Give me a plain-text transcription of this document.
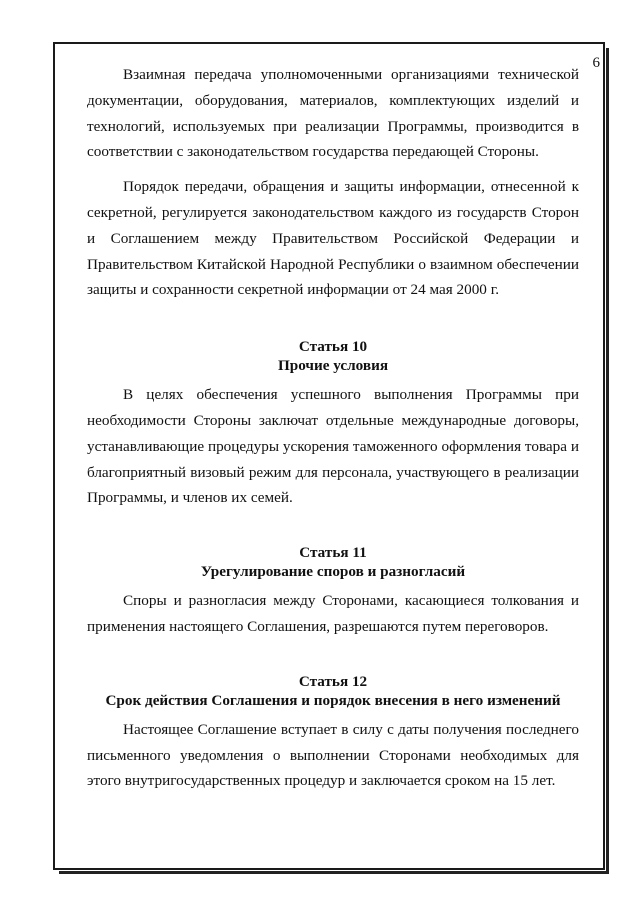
6

Взаимная передача уполномоченными организациями технической документации, оборудования, материалов, комплектующих изделий и технологий, используемых при реализации Программы, производится в соответствии с законодательством государства передающей Стороны.

Порядок передачи, обращения и защиты информации, отнесенной к секретной, регулируется законодательством каждого из государств Сторон и Соглашением между Правительством Российской Федерации и Правительством Китайской Народной Республики о взаимном обеспечении защиты и сохранности секретной информации от 24 мая 2000 г.

Статья 10
Прочие условия

В целях обеспечения успешного выполнения Программы при необходимости Стороны заключат отдельные международные договоры, устанавливающие процедуры ускорения таможенного оформления товара и благоприятный визовый режим для персонала, участвующего в реализации Программы, и членов их семей.

Статья 11
Урегулирование споров и разногласий

Споры и разногласия между Сторонами, касающиеся толкования и применения настоящего Соглашения, разрешаются путем переговоров.

Статья 12
Срок действия Соглашения и порядок внесения в него изменений

Настоящее Соглашение вступает в силу с даты получения последнего письменного уведомления о выполнении Сторонами необходимых для этого внутригосударственных процедур и заключается сроком на 15 лет.
